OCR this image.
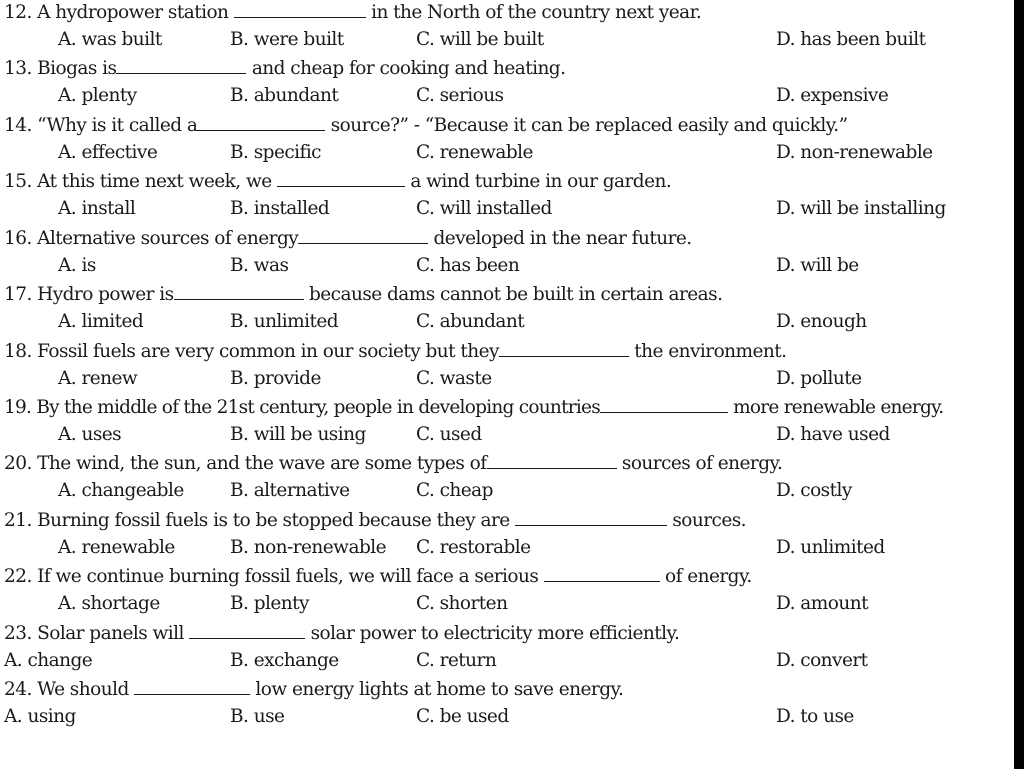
12. A hydropower station	in the North of the country next year.
A. was built	B. were built	C. will be built	D. has been built
13. Biogas is	and cheap for cooking and heating.
A. plenty	B. abundant	C. serious	D. expensive
14. “Why is it called a	source?” - “Because it can be replaced easily and quickly.”
A. effective	B. specific	C. renewable	D. non-renewable
15. At this time next week, we	a wind turbine in our garden.
A. install	B. installed	C. will installed	D. will be installing
16. Alternative sources of energy	developed in the near future.
A. is	B. was	C. has been	D. will be
17. Hydro power is	because dams cannot be built in certain areas.
A. limited	B. unlimited	C. abundant	D. enough
18. Fossil fuels are very common in our society but they	the environment.
A. renew	B. provide	C. waste	D. pollute
19. By the middle of the 21st century, people in developing countries	more renewable energy.
A. uses	B. will be using	C. used	D. have used
20. The wind, the sun, and the wave are some types of	sources of energy.
A. changeable	B. alternative	C. cheap	D. costly
21. Burning fossil fuels is to be stopped because they are	sources.
A. renewable	B. non-renewable C. restorable	D. unlimited
22. If we continue burning fossil fuels, we will face a serious	of energy.
A. shortage	B. plenty	C. shorten	D. amount
23. Solar panels will	solar power to electricity more efficiently.
A. change	B. exchange	C. return	D. convert
24. We should	low energy lights at home to save energy.
A. using	B. use	C. be used	D. to use
